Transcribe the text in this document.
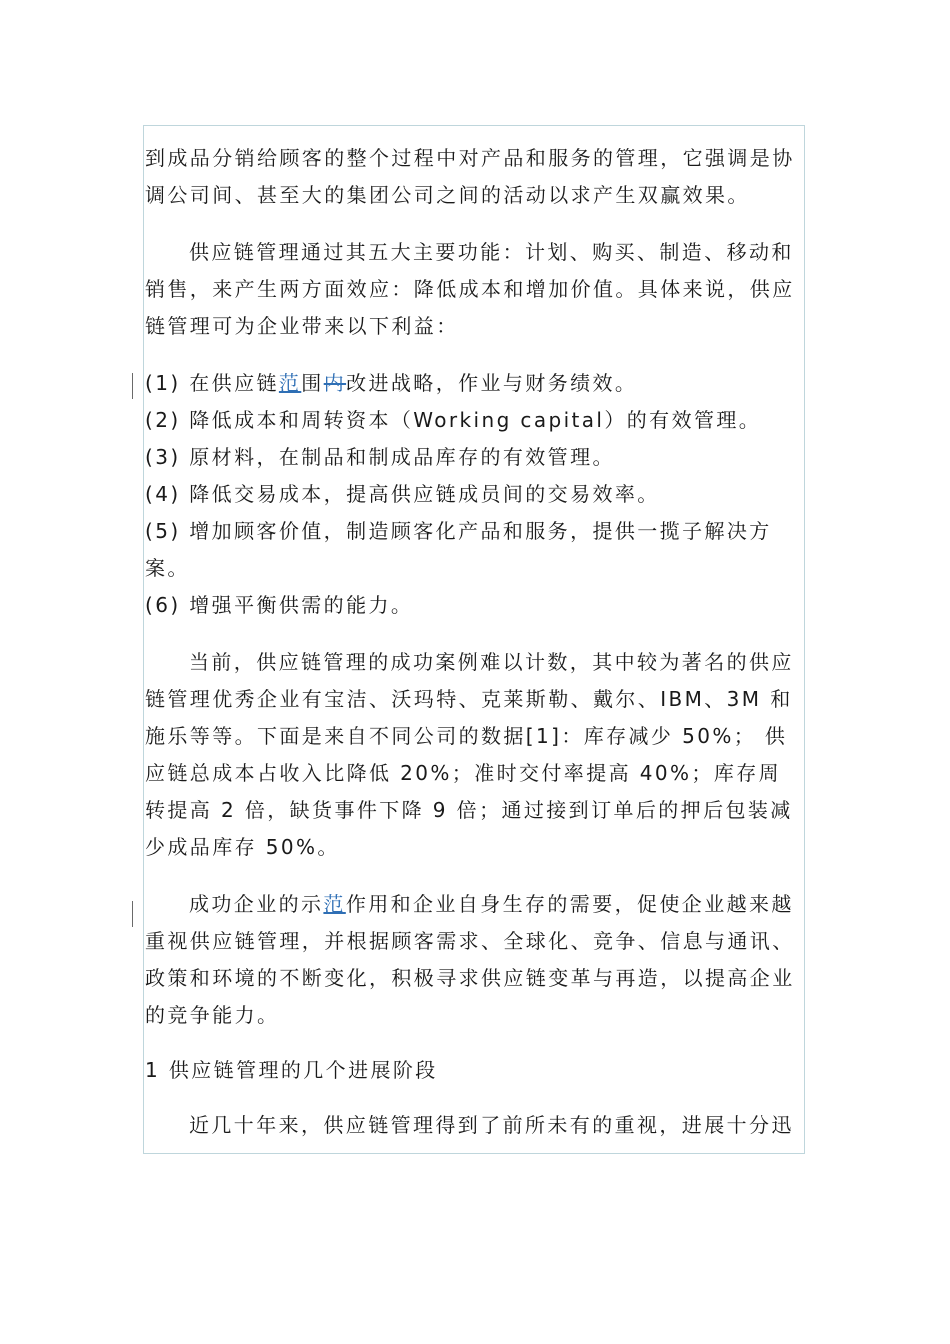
到成品分销给顾客的整个过程中对产品和服务的管理，它强调是协调公司间、甚至大的集团公司之间的活动以求产生双赢效果。

供应链管理通过其五大主要功能：计划、购买、制造、移动和销售，来产生两方面效应：降低成本和增加价值。具体来说，供应链管理可为企业带来以下利益：

(1) 在供应链范围内改进战略，作业与财务绩效。

(2) 降低成本和周转资本（Working capital）的有效管理。

(3) 原材料，在制品和制成品库存的有效管理。

(4) 降低交易成本，提高供应链成员间的交易效率。

(5) 增加顾客价值，制造顾客化产品和服务，提供一揽子解决方案。

(6) 增强平衡供需的能力。

当前，供应链管理的成功案例难以计数，其中较为著名的供应链管理优秀企业有宝洁、沃玛特、克莱斯勒、戴尔、IBM、3M 和施乐等等。下面是来自不同公司的数据[1]：库存减少 50%； 供应链总成本占收入比降低 20%；准时交付率提高 40%；库存周转提高 2 倍，缺货事件下降 9 倍；通过接到订单后的押后包装减少成品库存 50%。

成功企业的示范作用和企业自身生存的需要，促使企业越来越重视供应链管理，并根据顾客需求、全球化、竞争、信息与通讯、政策和环境的不断变化，积极寻求供应链变革与再造，以提高企业的竞争能力。

1 供应链管理的几个进展阶段

近几十年来，供应链管理得到了前所未有的重视，进展十分迅
